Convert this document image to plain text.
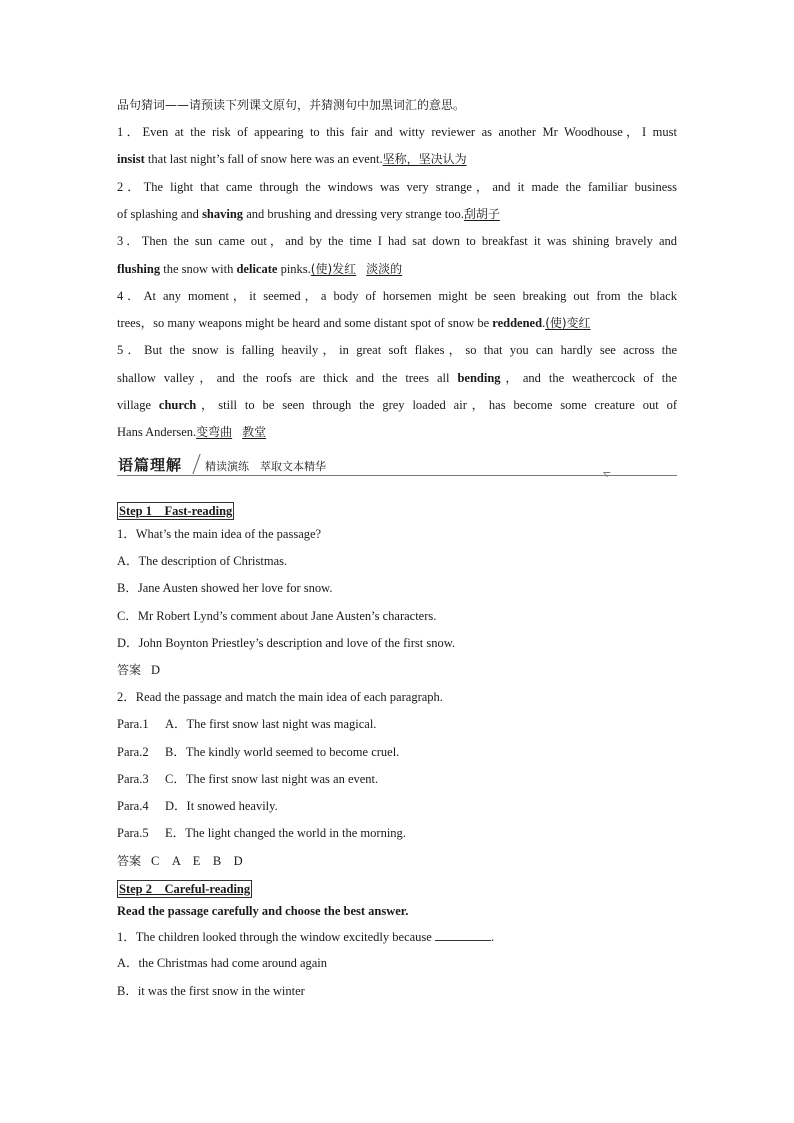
品句猜词——请预读下列课文原句，并猜测句中加黑词汇的意思。
1．Even at the risk of appearing to this fair and witty reviewer as another Mr Woodhouse，I must
insist that last night’s fall of snow here was an event.坚称，坚决认为
2．The light that came through the windows was very strange，and it made the familiar business
of splashing and shaving and brushing and dressing very strange too.刮胡子
3．Then the sun came out，and by the time I had sat down to breakfast it was shining bravely and
flushing the snow with delicate pinks.(使)发红 淡淡的
4．At any moment，it seemed，a body of horsemen might be seen breaking out from the black
trees，so many weapons might be heard and some distant spot of snow be reddened.(使)变红
5．But the snow is falling heavily，in great soft flakes，so that you can hardly see across the
shallow valley，and the roofs are thick and the trees all bending，and the weathercock of the
village church，still to be seen through the grey loaded air，has become some creature out of
Hans Andersen.变弯曲 教堂
语篇理解 精读演练　萃取文本精华
Step 1　Fast-reading
1．What’s the main idea of the passage?
A．The description of Christmas.
B．Jane Austen showed her love for snow.
C．Mr Robert Lynd’s comment about Jane Austen’s characters.
D．John Boynton Priestley’s description and love of the first snow.
答案 D
2．Read the passage and match the main idea of each paragraph.
Para.1 A．The first snow last night was magical.
Para.2 B．The kindly world seemed to become cruel.
Para.3 C．The first snow last night was an event.
Para.4 D．It snowed heavily.
Para.5 E．The light changed the world in the morning.
答案 C　A　E　B　D
Step 2　Careful-reading
Read the passage carefully and choose the best answer.
1．The children looked through the window excitedly because	.
A．the Christmas had come around again
B．it was the first snow in the winter
